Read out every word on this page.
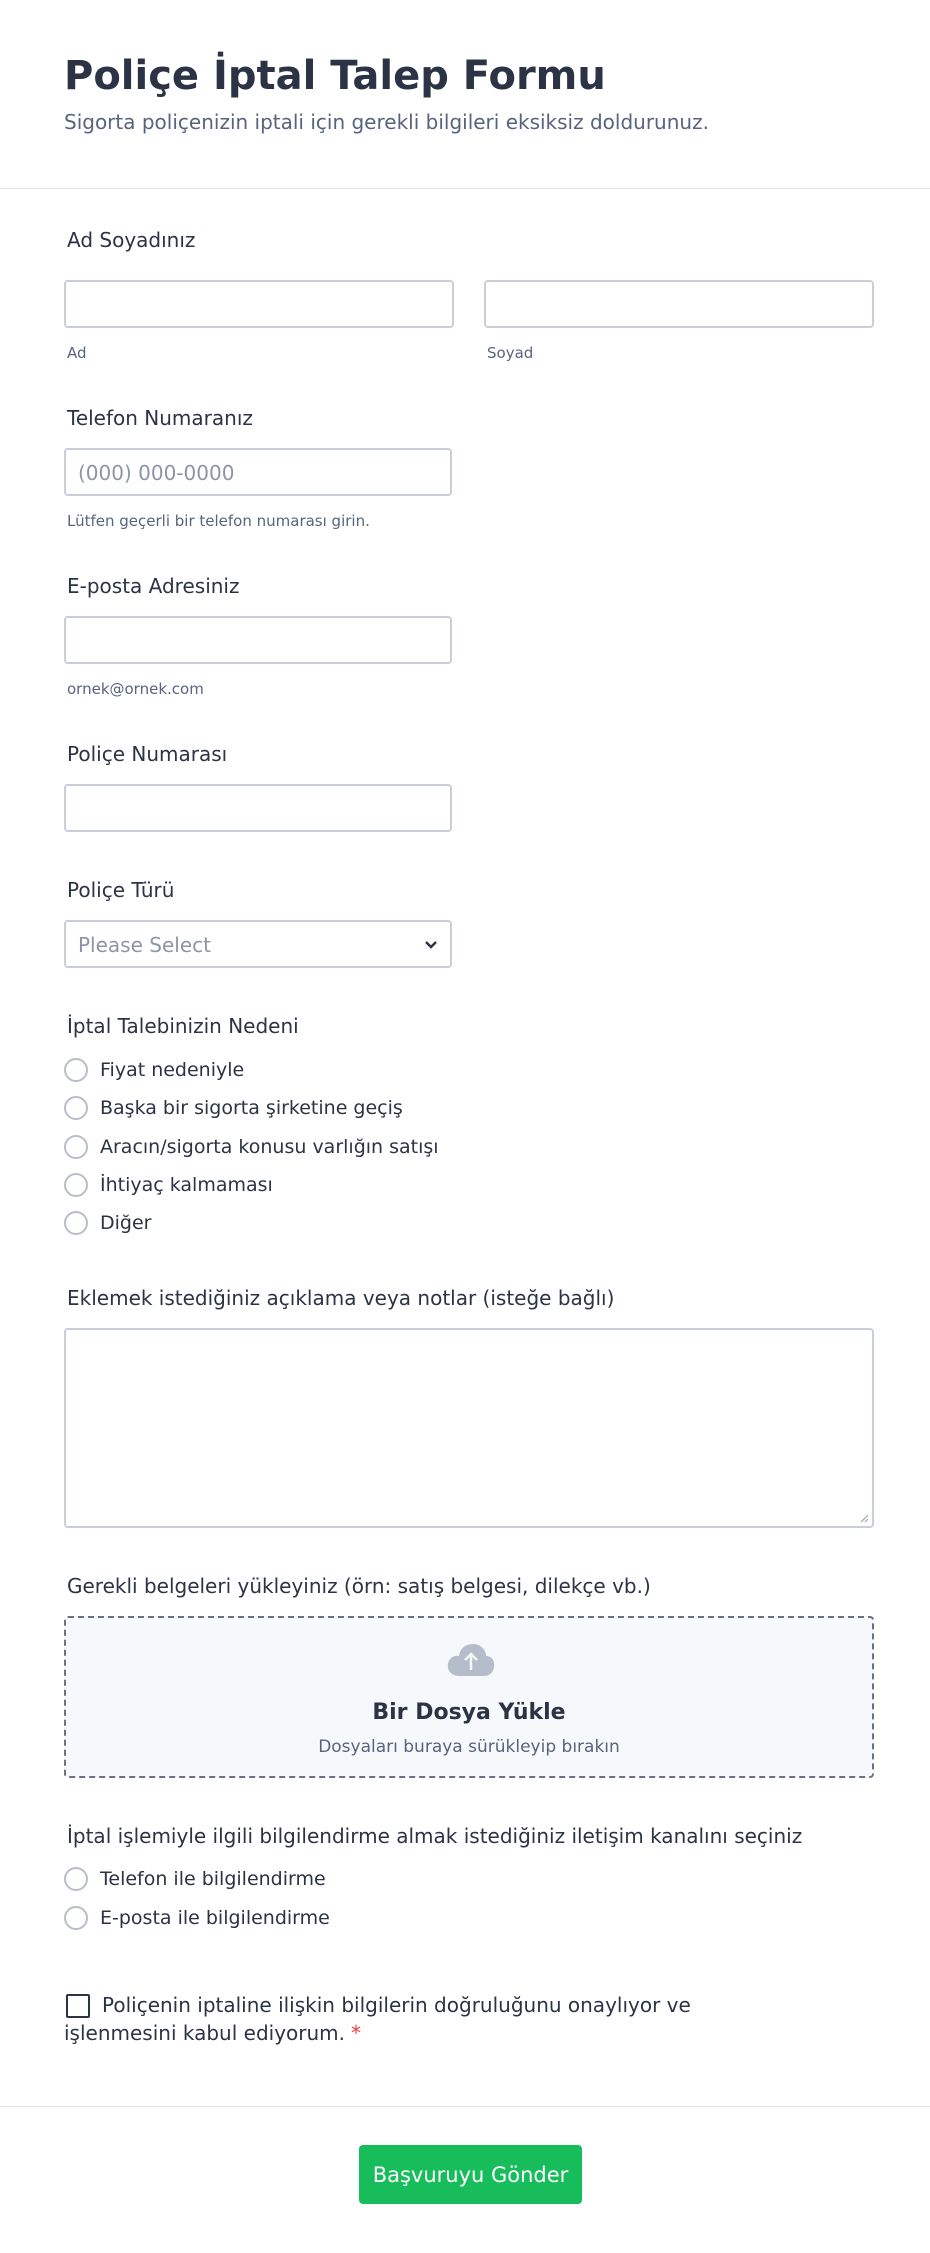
Poliçe İptal Talep Formu
Sigorta poliçenizin iptali için gerekli bilgileri eksiksiz doldurunuz.
Ad Soyadınız
Ad	Soyad
Telefon Numaranız
(000) 000-0000
Lütfen geçerli bir telefon numarası girin.
E-posta Adresiniz
ornek@ornek.com
Poliçe Numarası
Poliçe Türü
Please Select
İptal Talebinizin Nedeni
Fiyat nedeniyle
Başka bir sigorta şirketine geçiş
Aracın/sigorta konusu varlığın satışı
İhtiyaç kalmaması
Diğer
Eklemek istediğiniz açıklama veya notlar (isteğe bağlı)
Gerekli belgeleri yükleyiniz (örn: satış belgesi, dilekçe vb.)
Bir Dosya Yükle
Dosyaları buraya sürükleyip bırakın
İptal işlemiyle ilgili bilgilendirme almak istediğiniz iletişim kanalını seçiniz
Telefon ile bilgilendirme
E-posta ile bilgilendirme
Poliçenin iptaline ilişkin bilgilerin doğruluğunu onaylıyor ve işlenmesini kabul ediyorum. *
Başvuruyu Gönder
